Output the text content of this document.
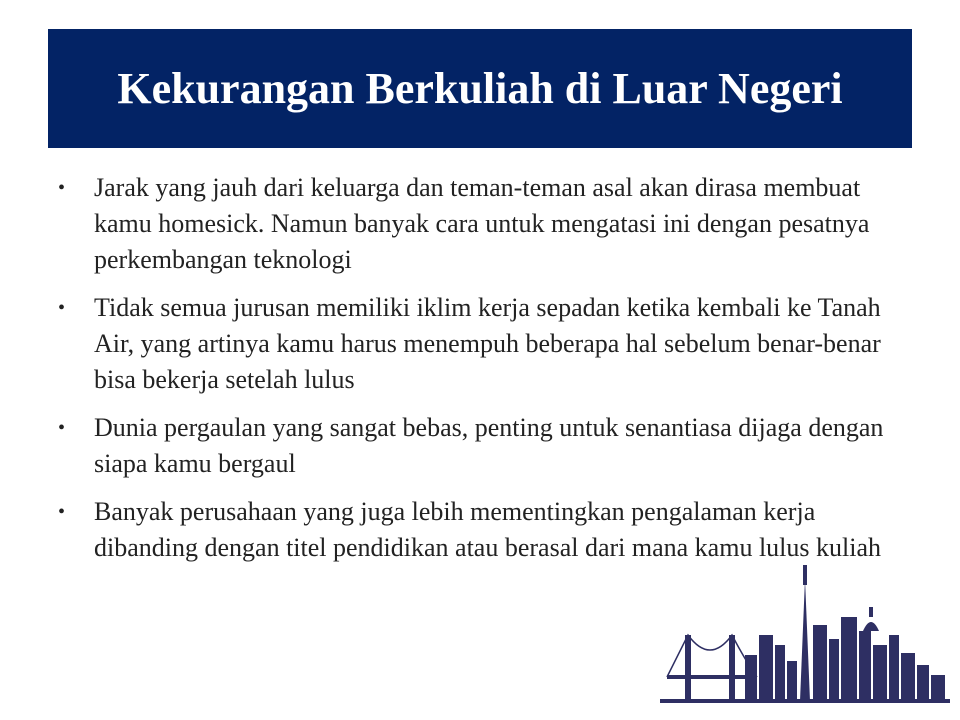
Kekurangan Berkuliah di Luar Negeri
• Jarak yang jauh dari keluarga dan teman-teman asal akan dirasa membuat kamu homesick. Namun banyak cara untuk mengatasi ini dengan pesatnya perkembangan teknologi
• Tidak semua jurusan memiliki iklim kerja sepadan ketika kembali ke Tanah Air, yang artinya kamu harus menempuh beberapa hal sebelum benar-benar bisa bekerja setelah lulus
• Dunia pergaulan yang sangat bebas, penting untuk senantiasa dijaga dengan siapa kamu bergaul
• Banyak perusahaan yang juga lebih mementingkan pengalaman kerja dibanding dengan titel pendidikan atau berasal dari mana kamu lulus kuliah
